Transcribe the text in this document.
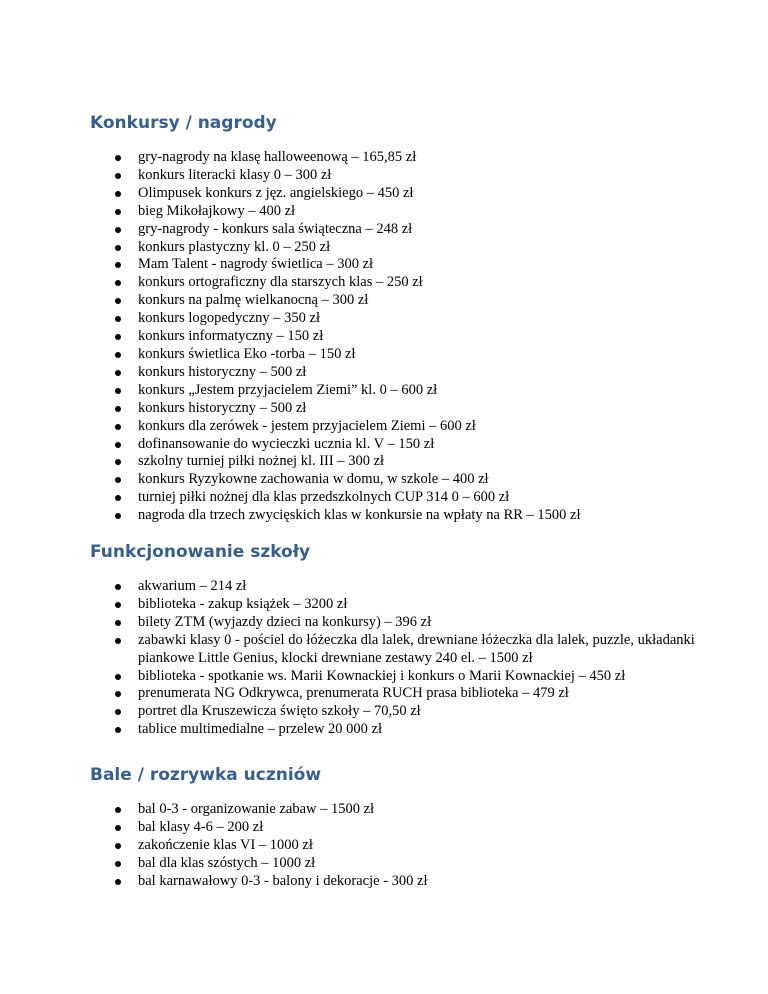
Konkursy / nagrody
gry-nagrody na klasę halloweenową – 165,85 zł
konkurs literacki klasy 0 – 300 zł
Olimpusek konkurs z jęz. angielskiego – 450 zł
bieg Mikołajkowy – 400 zł
gry-nagrody - konkurs sala świąteczna – 248 zł
konkurs plastyczny kl. 0 – 250 zł
Mam Talent - nagrody świetlica – 300 zł
konkurs ortograficzny dla starszych klas – 250 zł
konkurs na palmę wielkanocną – 300 zł
konkurs logopedyczny – 350 zł
konkurs informatyczny – 150 zł
konkurs świetlica Eko -torba – 150 zł
konkurs historyczny – 500 zł
konkurs „Jestem przyjacielem Ziemi” kl. 0 – 600 zł
konkurs historyczny – 500 zł
konkurs dla zerówek - jestem przyjacielem Ziemi – 600 zł
dofinansowanie do wycieczki ucznia kl. V – 150 zł
szkolny turniej piłki nożnej kl. III – 300 zł
konkurs Ryzykowne zachowania w domu, w szkole – 400 zł
turniej piłki nożnej dla klas przedszkolnych CUP 314 0 – 600 zł
nagroda dla trzech zwycięskich klas w konkursie na wpłaty na RR – 1500 zł
Funkcjonowanie szkoły
akwarium – 214 zł
biblioteka - zakup książek – 3200 zł
bilety ZTM (wyjazdy dzieci na konkursy) – 396 zł
zabawki klasy 0 - pościel do łóżeczka dla lalek, drewniane łóżeczka dla lalek, puzzle, układanki piankowe Little Genius, klocki drewniane zestawy 240 el. – 1500 zł
biblioteka - spotkanie ws. Marii Kownackiej i konkurs o Marii Kownackiej – 450 zł
prenumerata NG Odkrywca, prenumerata RUCH prasa biblioteka – 479 zł
portret dla Kruszewicza święto szkoły – 70,50 zł
tablice multimedialne – przelew 20 000 zł
Bale / rozrywka uczniów
bal 0-3 - organizowanie zabaw – 1500 zł
bal klasy 4-6 – 200 zł
zakończenie klas VI – 1000 zł
bal dla klas szóstych – 1000 zł
bal karnawałowy 0-3 - balony i dekoracje - 300 zł
